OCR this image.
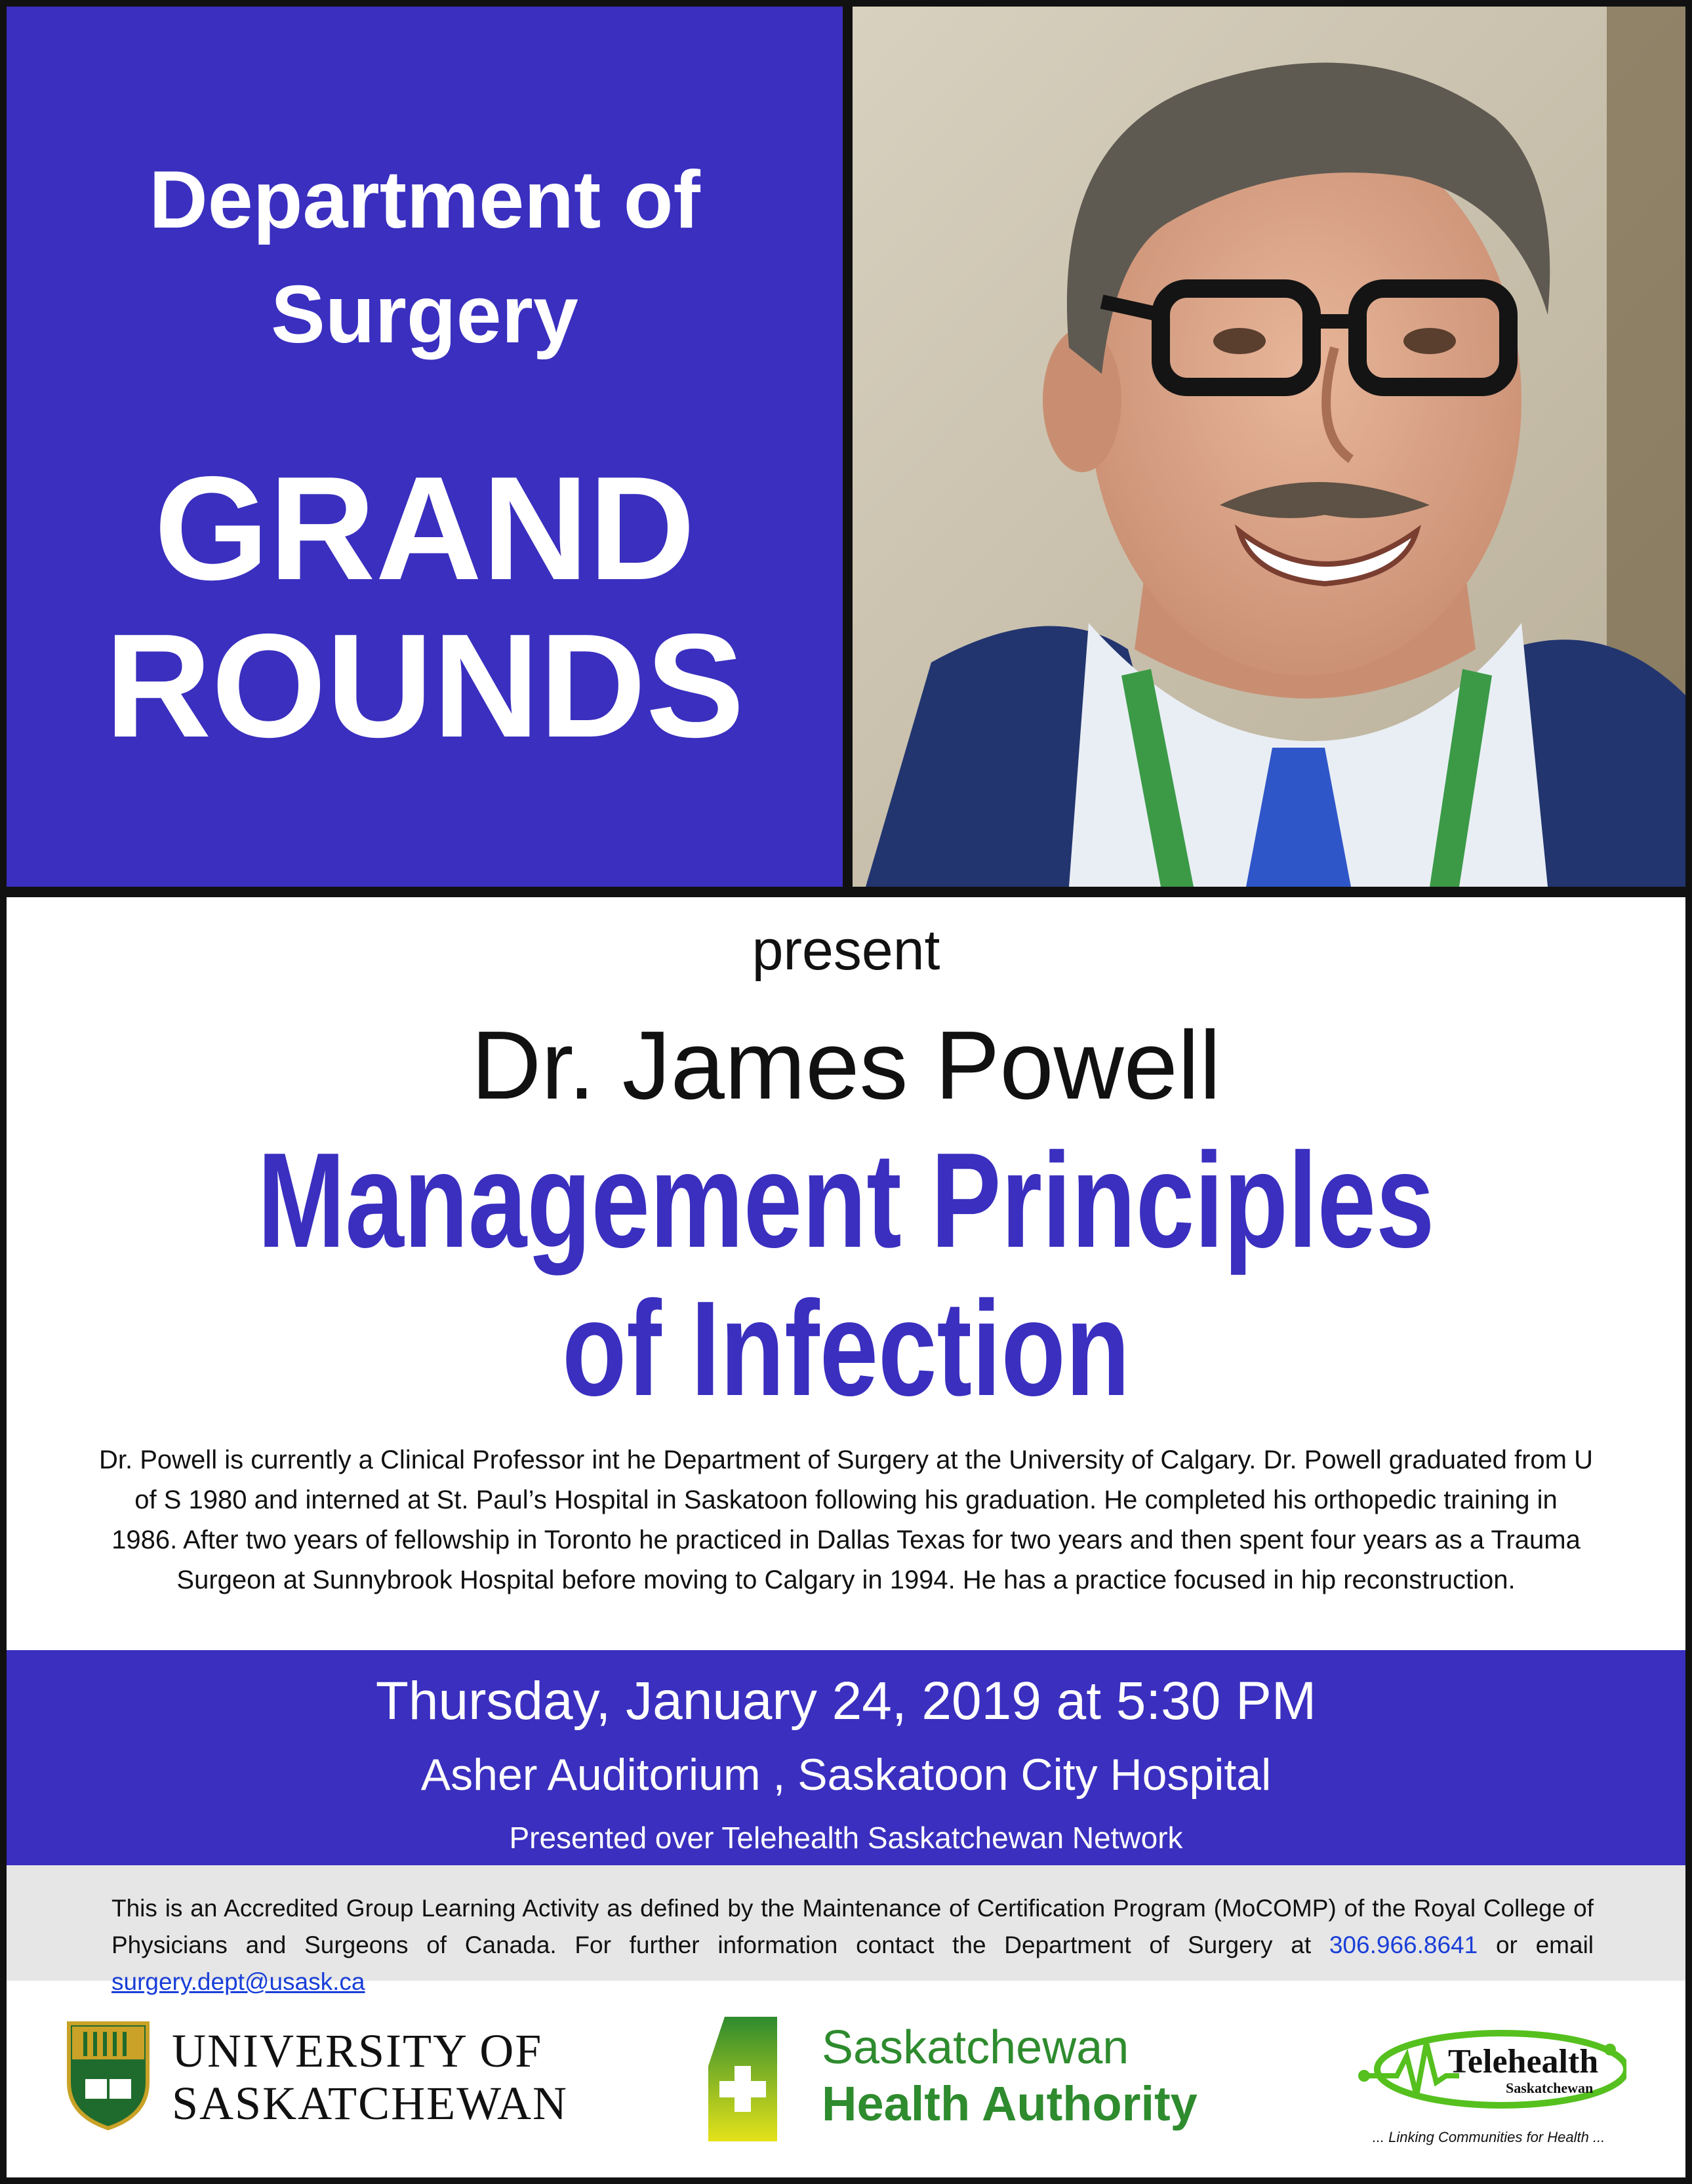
Department of
Surgery
GRAND
ROUNDS
present
Dr. James Powell
Management Principles
of Infection
Dr. Powell is currently a Clinical Professor int he Department of Surgery at the University of Calgary. Dr. Powell graduated from U of S 1980 and interned at St. Paul’s Hospital in Saskatoon following his graduation. He completed his orthopedic training in 1986. After two years of fellowship in Toronto he practiced in Dallas Texas for two years and then spent four years as a Trauma Surgeon at Sunnybrook Hospital before moving to Calgary in 1994. He has a practice focused in hip reconstruction.
Thursday, January 24, 2019 at 5:30 PM
Asher Auditorium , Saskatoon City Hospital
Presented over Telehealth Saskatchewan Network
This is an Accredited Group Learning Activity as defined by the Maintenance of Certification Program (MoCOMP) of the Royal College of Physicians and Surgeons of Canada. For further information contact the Department of Surgery at 306.966.8641 or email surgery.dept@usask.ca
UNIVERSITY OF
SASKATCHEWAN
Saskatchewan
Health Authority
Telehealth
Saskatchewan
... Linking Communities for Health ...
